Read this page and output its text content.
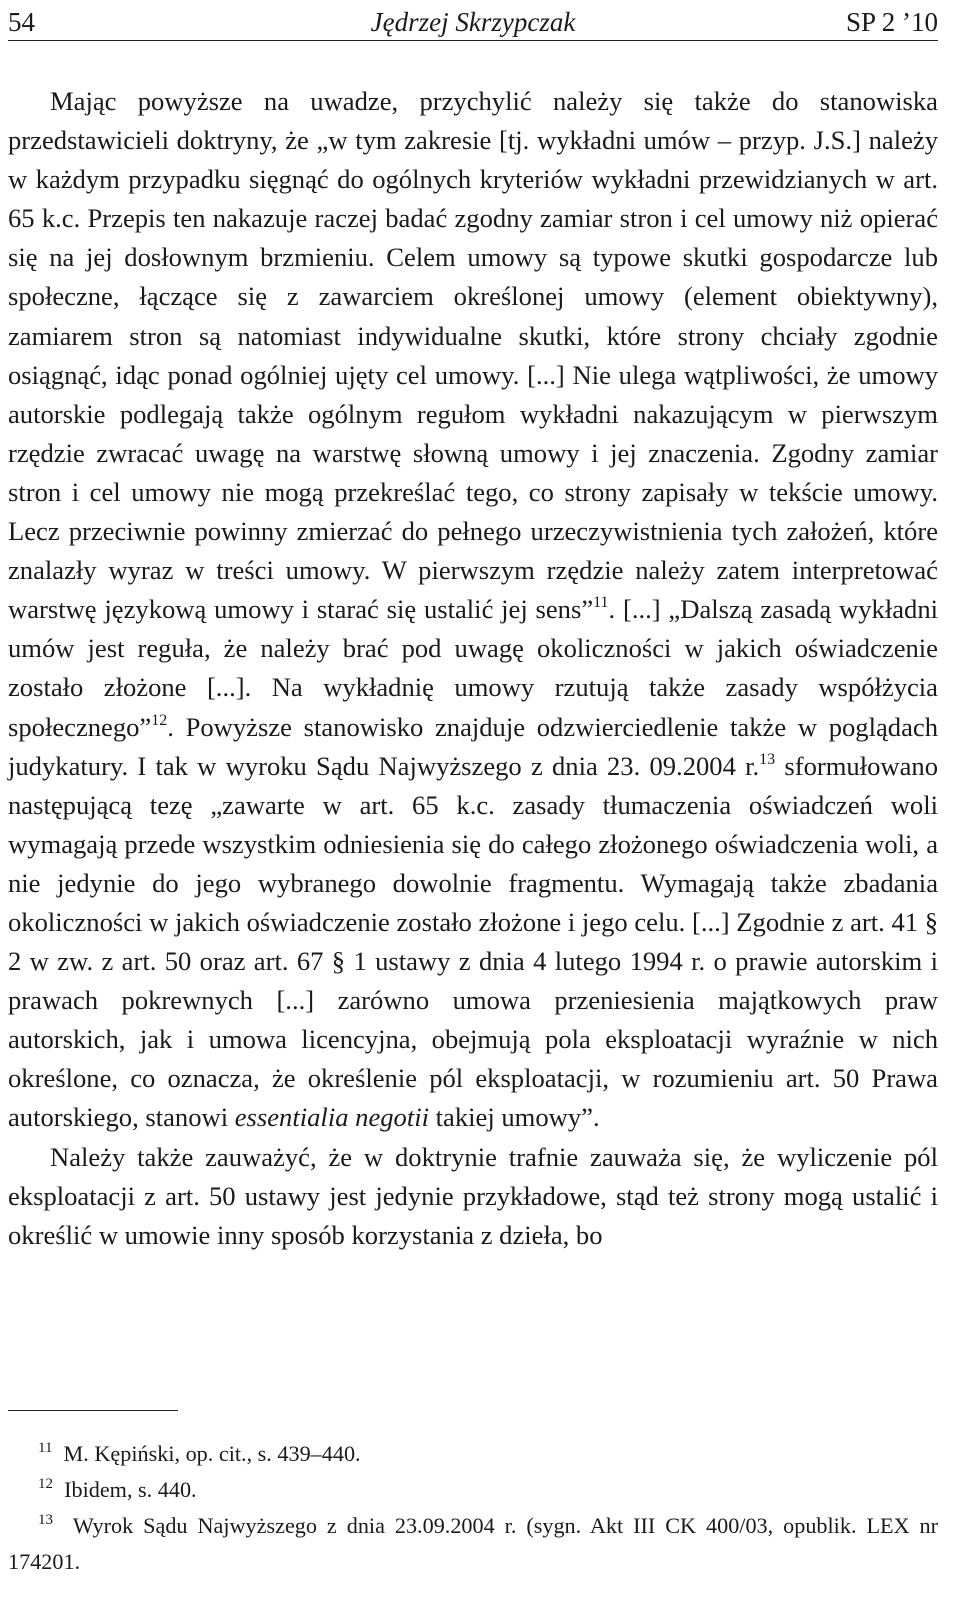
54	Jędrzej Skrzypczak	SP 2 ’10

Mając powyższe na uwadze, przychylić należy się także do stanowiska przedstawicieli doktryny, że „w tym zakresie [tj. wykładni umów – przyp. J.S.] należy w każdym przypadku sięgnąć do ogólnych kryteriów wykładni przewidzianych w art. 65 k.c. Przepis ten nakazuje raczej badać zgodny zamiar stron i cel umowy niż opierać się na jej dosłownym brzmieniu. Celem umowy są typowe skutki gospodarcze lub społeczne, łączące się z zawarciem określonej umowy (element obiektywny), zamiarem stron są natomiast indywidualne skutki, które strony chciały zgodnie osiągnąć, idąc ponad ogólniej ujęty cel umowy. [...] Nie ulega wątpliwości, że umowy autorskie podlegają także ogólnym regułom wykładni nakazującym w pierwszym rzędzie zwracać uwagę na warstwę słowną umowy i jej znaczenia. Zgodny zamiar stron i cel umowy nie mogą przekreślać tego, co strony zapisały w tekście umowy. Lecz przeciwnie powinny zmierzać do pełnego urzeczywistnienia tych założeń, które znalazły wyraz w treści umowy. W pierwszym rzędzie należy zatem interpretować warstwę językową umowy i starać się ustalić jej sens”$^{11}$. [...] „Dalszą zasadą wykładni umów jest reguła, że należy brać pod uwagę okoliczności w jakich oświadczenie zostało złożone [...]. Na wykładnię umowy rzutują także zasady współżycia społecznego”$^{12}$. Powyższe stanowisko znajduje odzwierciedlenie także w poglądach judykatury. I tak w wyroku Sądu Najwyższego z dnia 23. 09.2004 r.$^{13}$ sformułowano następującą tezę „zawarte w art. 65 k.c. zasady tłumaczenia oświadczeń woli wymagają przede wszystkim odniesienia się do całego złożonego oświadczenia woli, a nie jedynie do jego wybranego dowolnie fragmentu. Wymagają także zbadania okoliczności w jakich oświadczenie zostało złożone i jego celu. [...] Zgodnie z art. 41 § 2 w zw. z art. 50 oraz art. 67 § 1 ustawy z dnia 4 lutego 1994 r. o prawie autorskim i prawach pokrewnych [...] zarówno umowa przeniesienia majątkowych praw autorskich, jak i umowa licencyjna, obejmują pola eksploatacji wyraźnie w nich określone, co oznacza, że określenie pól eksploatacji, w rozumieniu art. 50 Prawa autorskiego, stanowi essentialia negotii takiej umowy”.

Należy także zauważyć, że w doktrynie trafnie zauważa się, że wyliczenie pól eksploatacji z art. 50 ustawy jest jedynie przykładowe, stąd też strony mogą ustalić i określić w umowie inny sposób korzystania z dzieła, bo

$^{11}$ M. Kępiński, op. cit., s. 439–440.

$^{12}$ Ibidem, s. 440.

$^{13}$ Wyrok Sądu Najwyższego z dnia 23.09.2004 r. (sygn. Akt III CK 400/03, opublik. LEX nr 174201.
